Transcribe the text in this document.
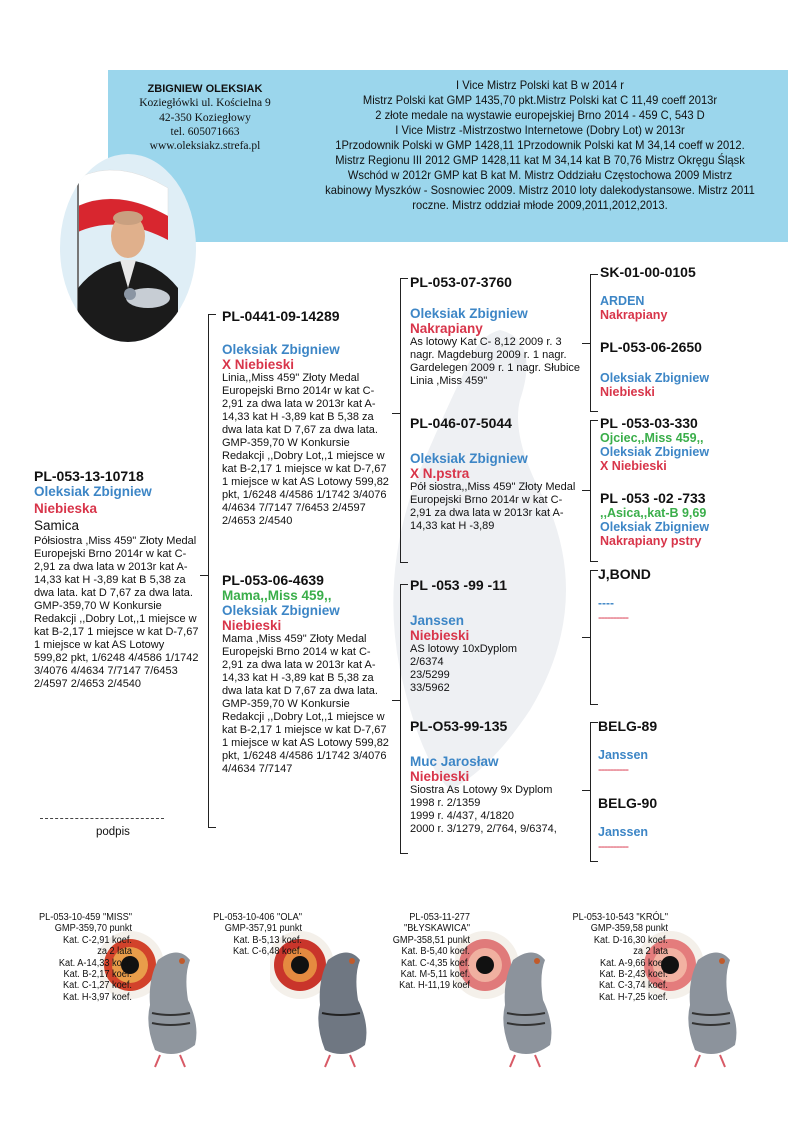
ZBIGNIEW OLEKSIAK
Koziegłówki ul. Kościelna 9
42-350 Koziegłowy
tel. 605071663
www.oleksiakz.strefa.pl
I Vice Mistrz Polski kat B w 2014 r
Mistrz Polski kat GMP 1435,70 pkt.Mistrz Polski kat C 11,49 coeff 2013r
2 złote medale na wystawie europejskiej Brno 2014 - 459 C, 543 D
I Vice Mistrz -Mistrzostwo Internetowe (Dobry Lot) w 2013r
1Przodownik Polski w GMP 1428,11 1Przodownik Polski kat M 34,14 coeff w 2012.
Mistrz Regionu III 2012 GMP 1428,11 kat M 34,14 kat B 70,76 Mistrz Okręgu Śląsk
Wschód w 2012r GMP kat B kat M. Mistrz Oddziału Częstochowa 2009 Mistrz
kabinowy Myszków - Sosnowiec 2009. Mistrz 2010 loty dalekodystansowe. Mistrz 2011
roczne. Mistrz oddział młode 2009,2011,2012,2013.
PL-053-13-10718
Oleksiak Zbigniew
Niebieska
Samica
Półsiostra ,Miss 459" Złoty Medal Europejski Brno 2014r w kat C-2,91 za dwa lata w 2013r kat A-14,33 kat H -3,89 kat B 5,38 za dwa lata. kat D 7,67 za dwa lata. GMP-359,70 W Konkursie Redakcji ,,Dobry Lot,,1 miejsce w kat B-2,17 1 miejsce w kat D-7,67 1 miejsce w kat AS Lotowy 599,82 pkt, 1/6248 4/4586 1/1742 3/4076 4/4634 7/7147 7/6453 2/4597 2/4653 2/4540
podpis
PL-0441-09-14289
Oleksiak Zbigniew
X Niebieski
Linia,,Miss 459" Złoty Medal Europejski Brno 2014r w kat C-2,91 za dwa lata w 2013r kat A-14,33 kat H -3,89 kat B 5,38 za dwa lata kat D 7,67 za dwa lata. GMP-359,70 W Konkursie Redakcji ,,Dobry Lot,,1 miejsce w kat B-2,17 1 miejsce w kat D-7,67 1 miejsce w kat AS Lotowy 599,82 pkt, 1/6248 4/4586 1/1742 3/4076 4/4634 7/7147 7/6453 2/4597 2/4653 2/4540
PL-053-06-4639
Mama,,Miss 459,,
Oleksiak Zbigniew
Niebieski
Mama ,Miss 459" Złoty Medal Europejski Brno 2014 w kat C-2,91 za dwa lata w 2013r kat A-
14,33 kat H -3,89 kat B 5,38 za dwa lata kat D 7,67 za dwa lata. GMP-359,70 W Konkursie Redakcji ,,Dobry Lot,,1 miejsce w kat B-2,17 1 miejsce w kat D-7,67 1 miejsce w kat AS Lotowy 599,82 pkt, 1/6248 4/4586 1/1742 3/4076 4/4634 7/7147
PL-053-07-3760
Oleksiak Zbigniew
Nakrapiany
As lotowy Kat C- 8,12 2009 r. 3 nagr. Magdeburg 2009 r. 1 nagr. Gardelegen 2009 r. 1 nagr. Słubice Linia ,Miss 459"
PL-046-07-5044
Oleksiak Zbigniew
X N.pstra
Pół siostra,,Miss 459" Złoty Medal Europejski Brno 2014r w kat C-2,91 za dwa lata w 2013r kat A-14,33 kat H -3,89
PL -053 -99 -11
Janssen
Niebieski
AS lotowy 10xDyplom
2/6374
23/5299
33/5962
PL-O53-99-135
Muc Jarosław
Niebieski
Siostra As Lotowy 9x Dyplom
1998 r. 2/1359
1999 r. 4/437, 4/1820
2000 r. 3/1279, 2/764, 9/6374,
SK-01-00-0105
ARDEN
Nakrapiany
PL-053-06-2650
Oleksiak Zbigniew
Niebieski
PL -053-03-330
Ojciec,,Miss 459,,
Oleksiak Zbigniew
X Niebieski
PL -053 -02 -733
,,Asica,,kat-B 9,69
Oleksiak Zbigniew
Nakrapiany pstry
J,BOND
----
----------
BELG-89
Janssen
----------
BELG-90
Janssen
----------
PL-053-10-459 "MISS"
GMP-359,70 punkt
Kat. C-2,91 koef.
za 2 lata
Kat. A-14,33 koef.
Kat. B-2,17 koef.
Kat. C-1,27 koef.
Kat. H-3,97 koef.
PL-053-10-406 "OLA"
GMP-357,91 punkt
Kat. B-5,13 koef.
Kat. C-6,48 koef.
PL-053-11-277
"BŁYSKAWICA"
GMP-358,51 punkt
Kat. B-5,40 koef.
Kat. C-4,35 koef.
Kat. M-5,11 koef.
Kat. H-11,19 koef
PL-053-10-543 "KRÓL"
GMP-359,58 punkt
Kat. D-16,30 koef.
za 2 lata
Kat. A-9,66 koef.
Kat. B-2,43 koef.
Kat. C-3,74 koef.
Kat. H-7,25 koef.
